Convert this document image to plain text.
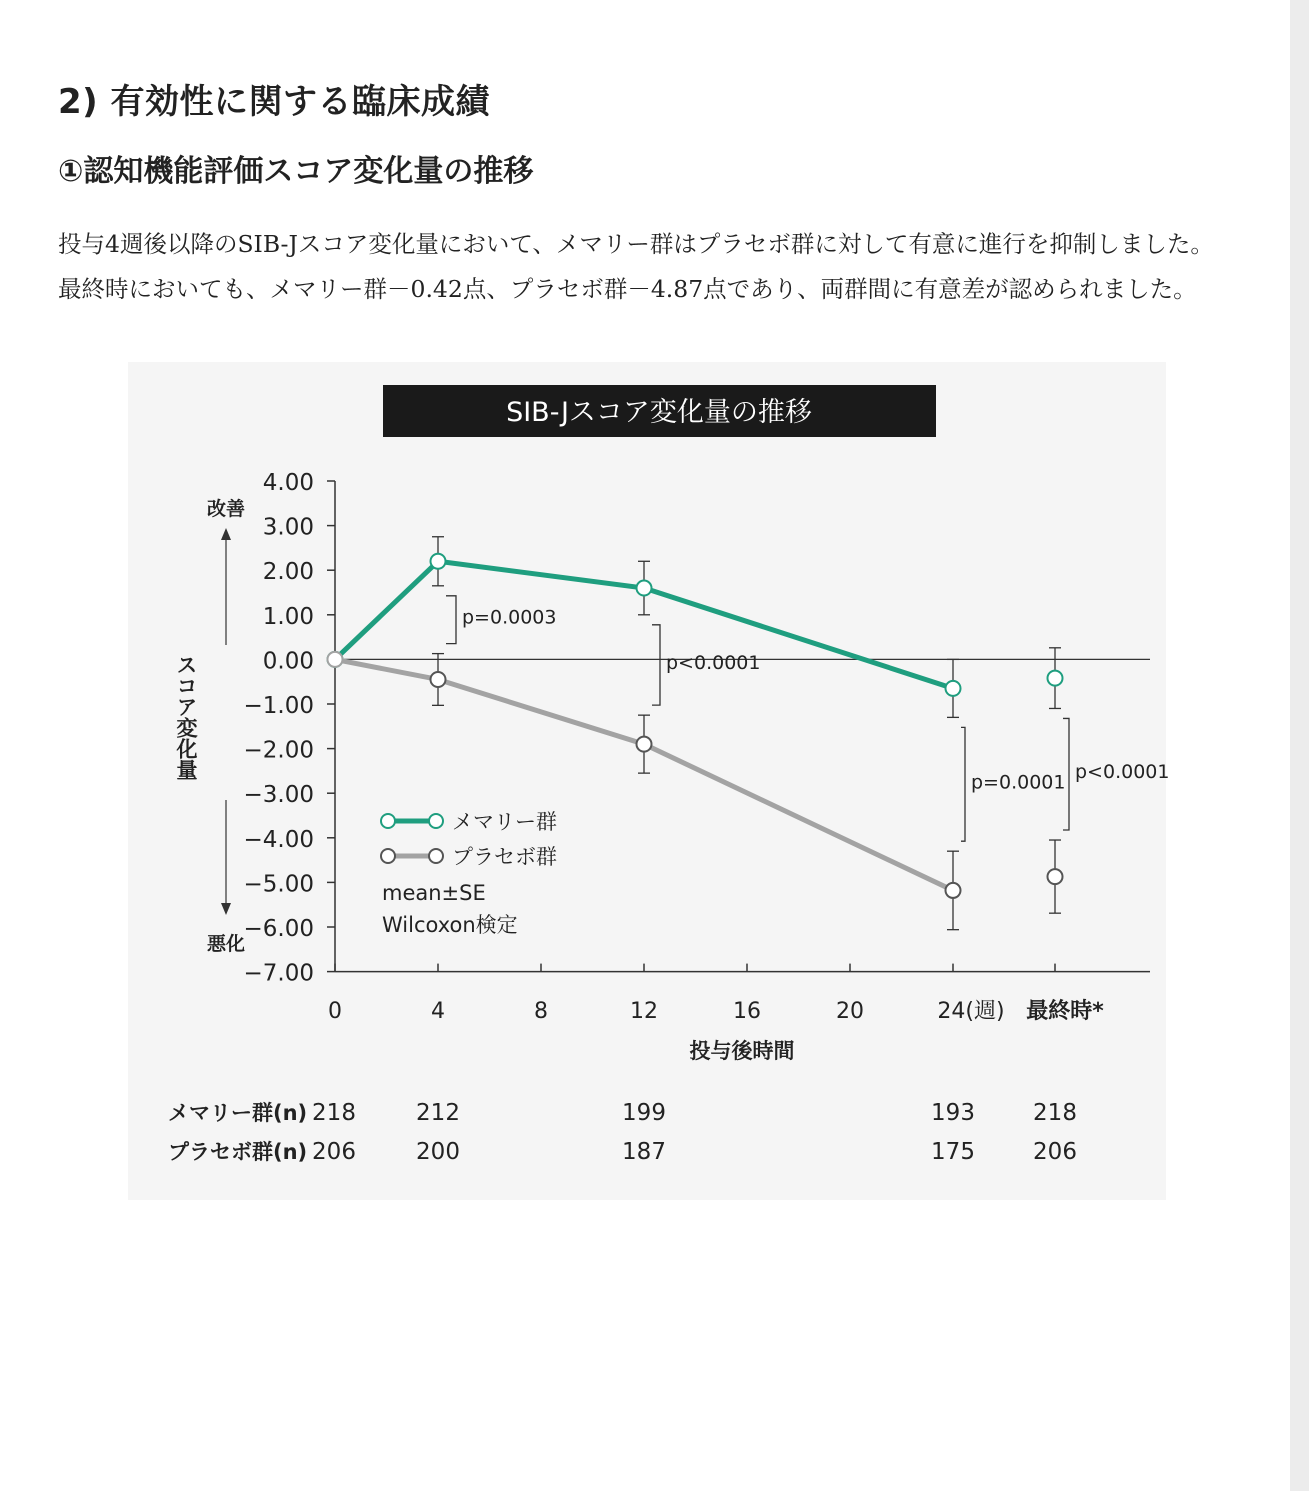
2) 有効性に関する臨床成績
①認知機能評価スコア変化量の推移
投与4週後以降のSIB-Jスコア変化量において、メマリー群はプラセボ群に対して有意に進行を抑制しました。
最終時においても、メマリー群－0.42点、プラセボ群－4.87点であり、両群間に有意差が認められました。
SIB-Jスコア変化量の推移
4.00
3.00
2.00
1.00
0.00
−1.00
−2.00
−3.00
−4.00
−5.00
−6.00
−7.00
0	4	8	12	16	20	24(週) 最終時*
投与後時間
改善
悪化
スコア変化量
p=0.0003
p<0.0001
p=0.0001 p<0.0001
メマリー群
プラセボ群
mean±SE
Wilcoxon検定
メマリー群(n) 218	212	199	193	218
プラセボ群(n) 206	200	187	175	206
